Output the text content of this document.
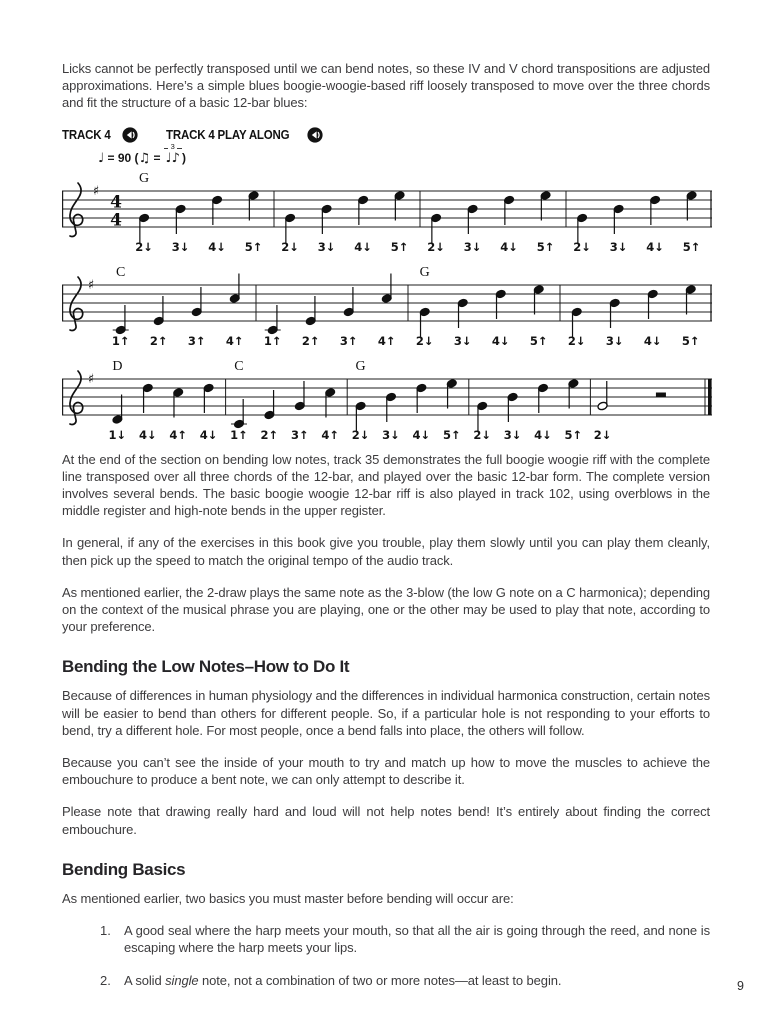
Licks cannot be perfectly transposed until we can bend notes, so these IV and V chord transpositions are adjusted approximations. Here’s a simple blues boogie-woogie-based riff loosely transposed to move over the three chords and fit the structure of a basic 12-bar blues:

TRACK 4	TRACK 4 PLAY ALONG
♩ = 90 (♫ =
3
♩♪ )
♯
4
4
2↓ 3↓ 4↓ 5↑ 2↓ 3↓ 4↓ 5↑ 2↓ 3↓ 4↓ 5↑ 2↓ 3↓ 4↓ 5↑
G
♯
1↑ 2↑ 3↑ 4↑ 1↑ 2↑ 3↑ 4↑ 2↓ 3↓ 4↓ 5↑ 2↓ 3↓ 4↓ 5↑
C	G
♯
1↓ 4↓ 4↑ 4↓ 1↑ 2↑ 3↑ 4↑ 2↓ 3↓ 4↓ 5↑ 2↓ 3↓ 4↓ 5↑ 2↓
D	C	G

At the end of the section on bending low notes, track 35 demonstrates the full boogie woogie riff with the complete line transposed over all three chords of the 12-bar, and played over the basic 12-bar form. The complete version involves several bends. The basic boogie woogie 12-bar riff is also played in track 102, using overblows in the middle register and high-note bends in the upper register.

In general, if any of the exercises in this book give you trouble, play them slowly until you can play them cleanly, then pick up the speed to match the original tempo of the audio track.

As mentioned earlier, the 2-draw plays the same note as the 3-blow (the low G note on a C harmonica); depending on the context of the musical phrase you are playing, one or the other may be used to play that note, according to your preference.

Bending the Low Notes–How to Do It

Because of differences in human physiology and the differences in individual harmonica construction, certain notes will be easier to bend than others for different people. So, if a particular hole is not responding to your efforts to bend, try a different hole. For most people, once a bend falls into place, the others will follow.

Because you can’t see the inside of your mouth to try and match up how to move the muscles to achieve the embouchure to produce a bent note, we can only attempt to describe it.

Please note that drawing really hard and loud will not help notes bend! It’s entirely about finding the correct embouchure.

Bending Basics

As mentioned earlier, two basics you must master before bending will occur are:

1.	A good seal where the harp meets your mouth, so that all the air is going through the reed, and none is escaping where the harp meets your lips.
2.	A solid single note, not a combination of two or more notes—at least to begin.	9
